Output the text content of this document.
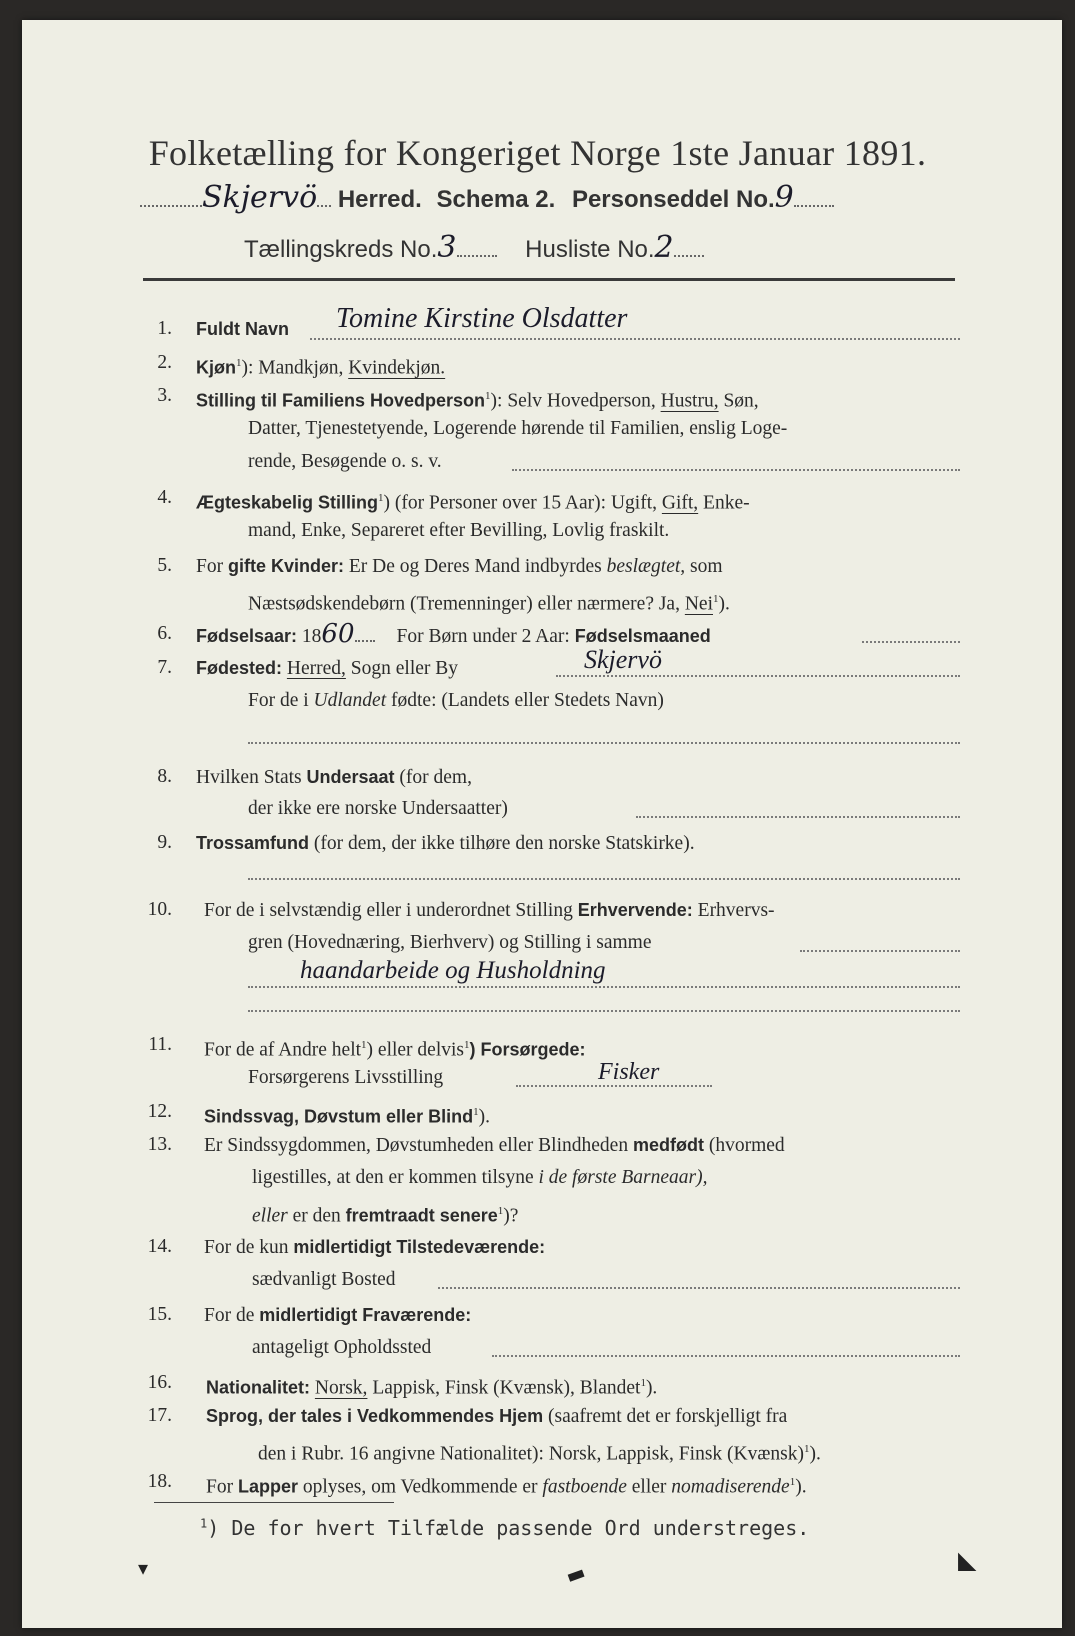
Folketælling for Kongeriget Norge 1ste Januar 1891.
Skjervö Herred. Schema 2. Personseddel No.9
Tællingskreds No.3	Husliste No.2
1. Fuldt Navn Tomine Kirstine Olsdatter
2. Kjøn$^1$): Mandkjøn, Kvindekjøn.
3. Stilling til Familiens Hovedperson$^1$): Selv Hovedperson, Hustru, Søn,
Datter, Tjenestetyende, Logerende hørende til Familien, enslig Loge-
rende, Besøgende o. s. v.
4. Ægteskabelig Stilling$^1$) (for Personer over 15 Aar): Ugift, Gift, Enke-
mand, Enke, Separeret efter Bevilling, Lovlig fraskilt.
5. For gifte Kvinder: Er De og Deres Mand indbyrdes beslægtet, som
Næstsødskendebørn (Tremenninger) eller nærmere? Ja, Nei$^1$).
6. Fødselsaar: 1860 For Børn under 2 Aar: Fødselsmaaned
7. Fødested: Herred, Sogn eller By	Skjervö
For de i Udlandet fødte: (Landets eller Stedets Navn)
8. Hvilken Stats Undersaat (for dem,
der ikke ere norske Undersaatter)
9. Trossamfund (for dem, der ikke tilhøre den norske Statskirke).
10. For de i selvstændig eller i underordnet Stilling Erhvervende: Erhvervs-
gren (Hovednæring, Bierhverv) og Stilling i samme
haandarbeide og Husholdning
11. For de af Andre helt$^1$) eller delvis$^1$) Forsørgede:
Forsørgerens Livsstilling	Fisker
12. Sindssvag, Døvstum eller Blind$^1$).
13. Er Sindssygdommen, Døvstumheden eller Blindheden medfødt (hvormed
ligestilles, at den er kommen tilsyne i de første Barneaar),
eller er den fremtraadt senere$^1$)?
14. For de kun midlertidigt Tilstedeværende:
sædvanligt Bosted
15. For de midlertidigt Fraværende:
antageligt Opholdssted
16. Nationalitet: Norsk, Lappisk, Finsk (Kvænsk), Blandet$^1$).
17. Sprog, der tales i Vedkommendes Hjem (saafremt det er forskjelligt fra
den i Rubr. 16 angivne Nationalitet): Norsk, Lappisk, Finsk (Kvænsk)$^1$).
18. For Lapper oplyses, om Vedkommende er fastboende eller nomadiserende$^1$).
$^1$) De for hvert Tilfælde passende Ord understreges.
▾	▬	◣
